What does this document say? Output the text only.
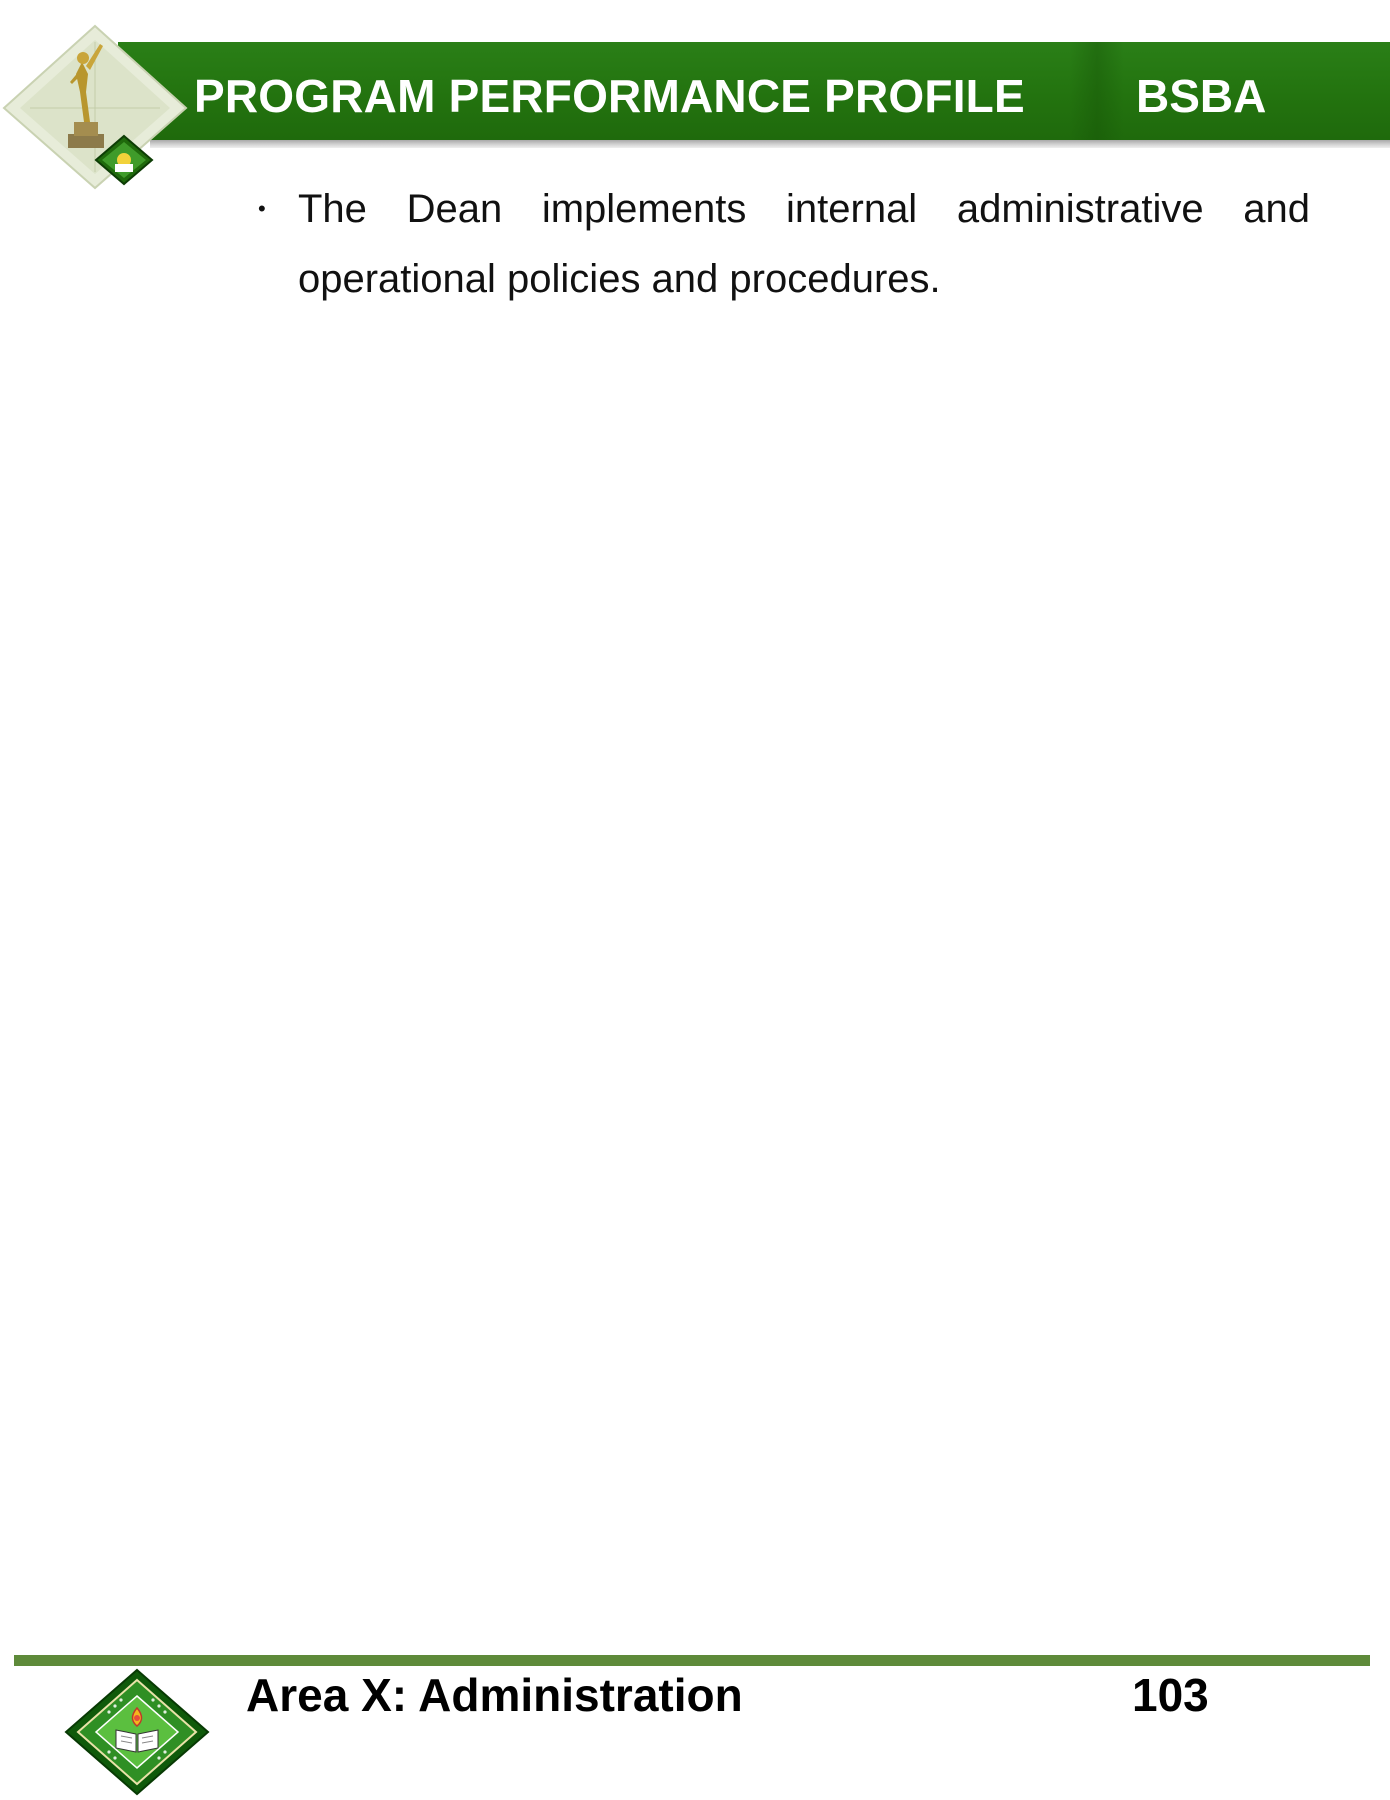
PROGRAM PERFORMANCE PROFILE BSBA
• The Dean implements internal administrative and operational policies and procedures.
Area X: Administration	103
